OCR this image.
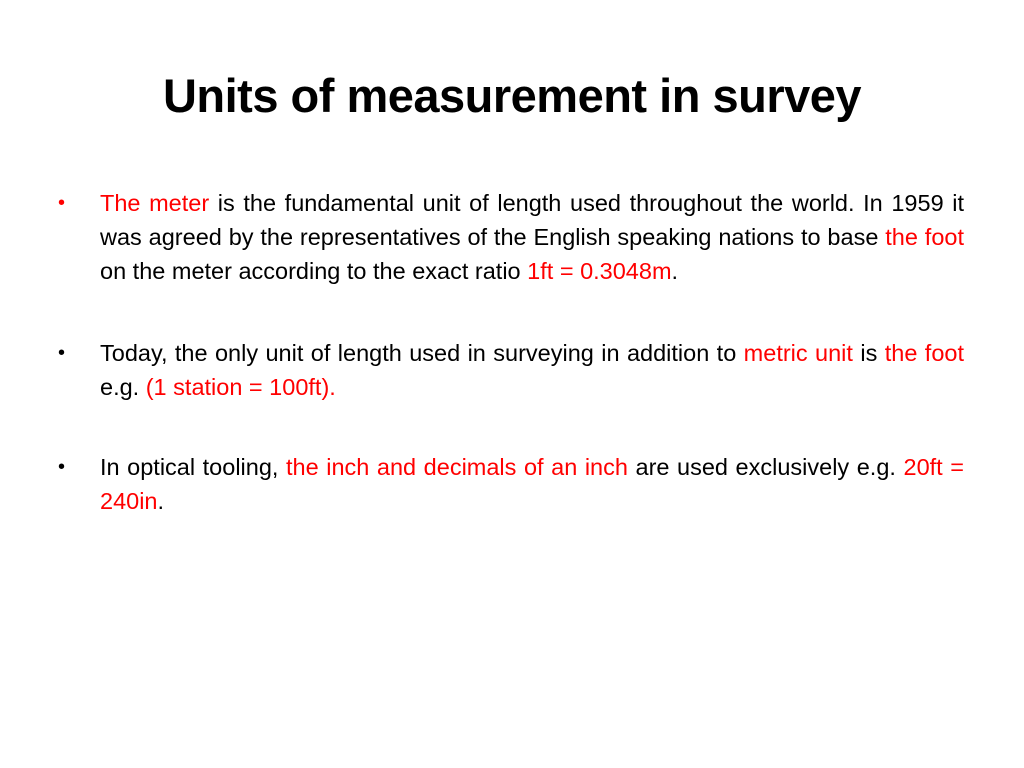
Units of measurement in survey
• The meter is the fundamental unit of length used throughout the world. In 1959 it was agreed by the representatives of the English speaking nations to base the foot on the meter according to the exact ratio 1ft = 0.3048m.
• Today, the only unit of length used in surveying in addition to metric unit is the foot e.g. (1 station = 100ft).
• In optical tooling, the inch and decimals of an inch are used exclusively e.g. 20ft = 240in.
